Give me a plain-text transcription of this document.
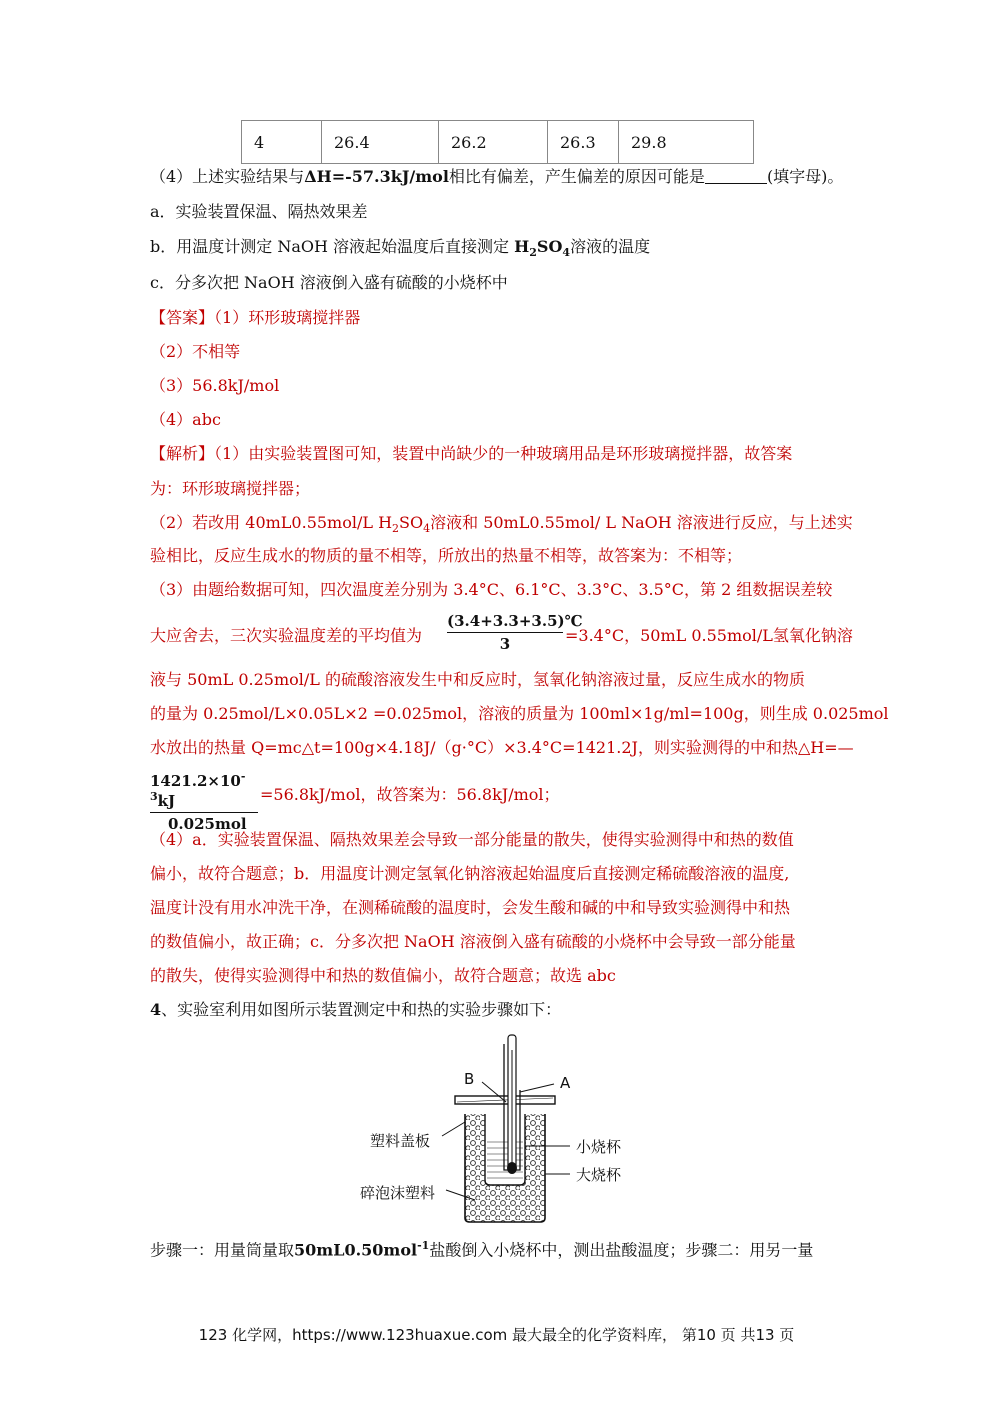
4	26.4	26.2	26.3	29.8
（4）上述实验结果与ΔH=-57.3kJ/mol相比有偏差，产生偏差的原因可能是	(填字母)。
a．实验装置保温、隔热效果差
b．用温度计测定 NaOH 溶液起始温度后直接测定 $H_2SO_4$溶液的温度
c．分多次把 NaOH 溶液倒入盛有硫酸的小烧杯中
【答案】（1）环形玻璃搅拌器
（2）不相等
（3）56.8kJ/mol
（4）abc
【解析】（1）由实验装置图可知，装置中尚缺少的一种玻璃用品是环形玻璃搅拌器，故答案
为：环形玻璃搅拌器；
（2）若改用 40mL0.55mol/L $H_2SO_4$溶液和 50mL0.55mol/ L NaOH 溶液进行反应，与上述实
验相比，反应生成水的物质的量不相等，所放出的热量不相等，故答案为：不相等；
（3）由题给数据可知，四次温度差分别为 3.4°C、6.1°C、3.3°C、3.5°C，第 2 组数据误差较
大应舍去，三次实验温度差的平均值为
(3.4+3.3+3.5)℃
3	=3.4°C，50mL 0.55mol/L氢氧化钠溶
液与 50mL 0.25mol/L 的硫酸溶液发生中和反应时，氢氧化钠溶液过量，反应生成水的物质
的量为 0.25mol/L×0.05L×2 =0.025mol，溶液的质量为 100ml×1g/ml=100g，则生成 0.025mol
水放出的热量 Q=mc△t=100g×4.18J/（g·°C）×3.4°C=1421.2J，则实验测得的中和热△H=—
$1421.2\times 10^{-3}kJ$
0.025mol
=56.8kJ/mol，故答案为：56.8kJ/mol；
（4）a．实验装置保温、隔热效果差会导致一部分能量的散失，使得实验测得中和热的数值
偏小，故符合题意；b．用温度计测定氢氧化钠溶液起始温度后直接测定稀硫酸溶液的温度,
温度计没有用水冲洗干净，在测稀硫酸的温度时，会发生酸和碱的中和导致实验测得中和热
的数值偏小，故正确；c．分多次把 NaOH 溶液倒入盛有硫酸的小烧杯中会导致一部分能量
的散失，使得实验测得中和热的数值偏小，故符合题意；故选 abc
4、实验室利用如图所示装置测定中和热的实验步骤如下：
B	A
塑料盖板
碎泡沫塑料
小烧杯
大烧杯
步骤一：用量筒量取50mL0.50mol$^{-1}$盐酸倒入小烧杯中，测出盐酸温度；步骤二：用另一量
123 化学网，https://www.123huaxue.com 最大最全的化学资料库， 第10 页 共13 页
